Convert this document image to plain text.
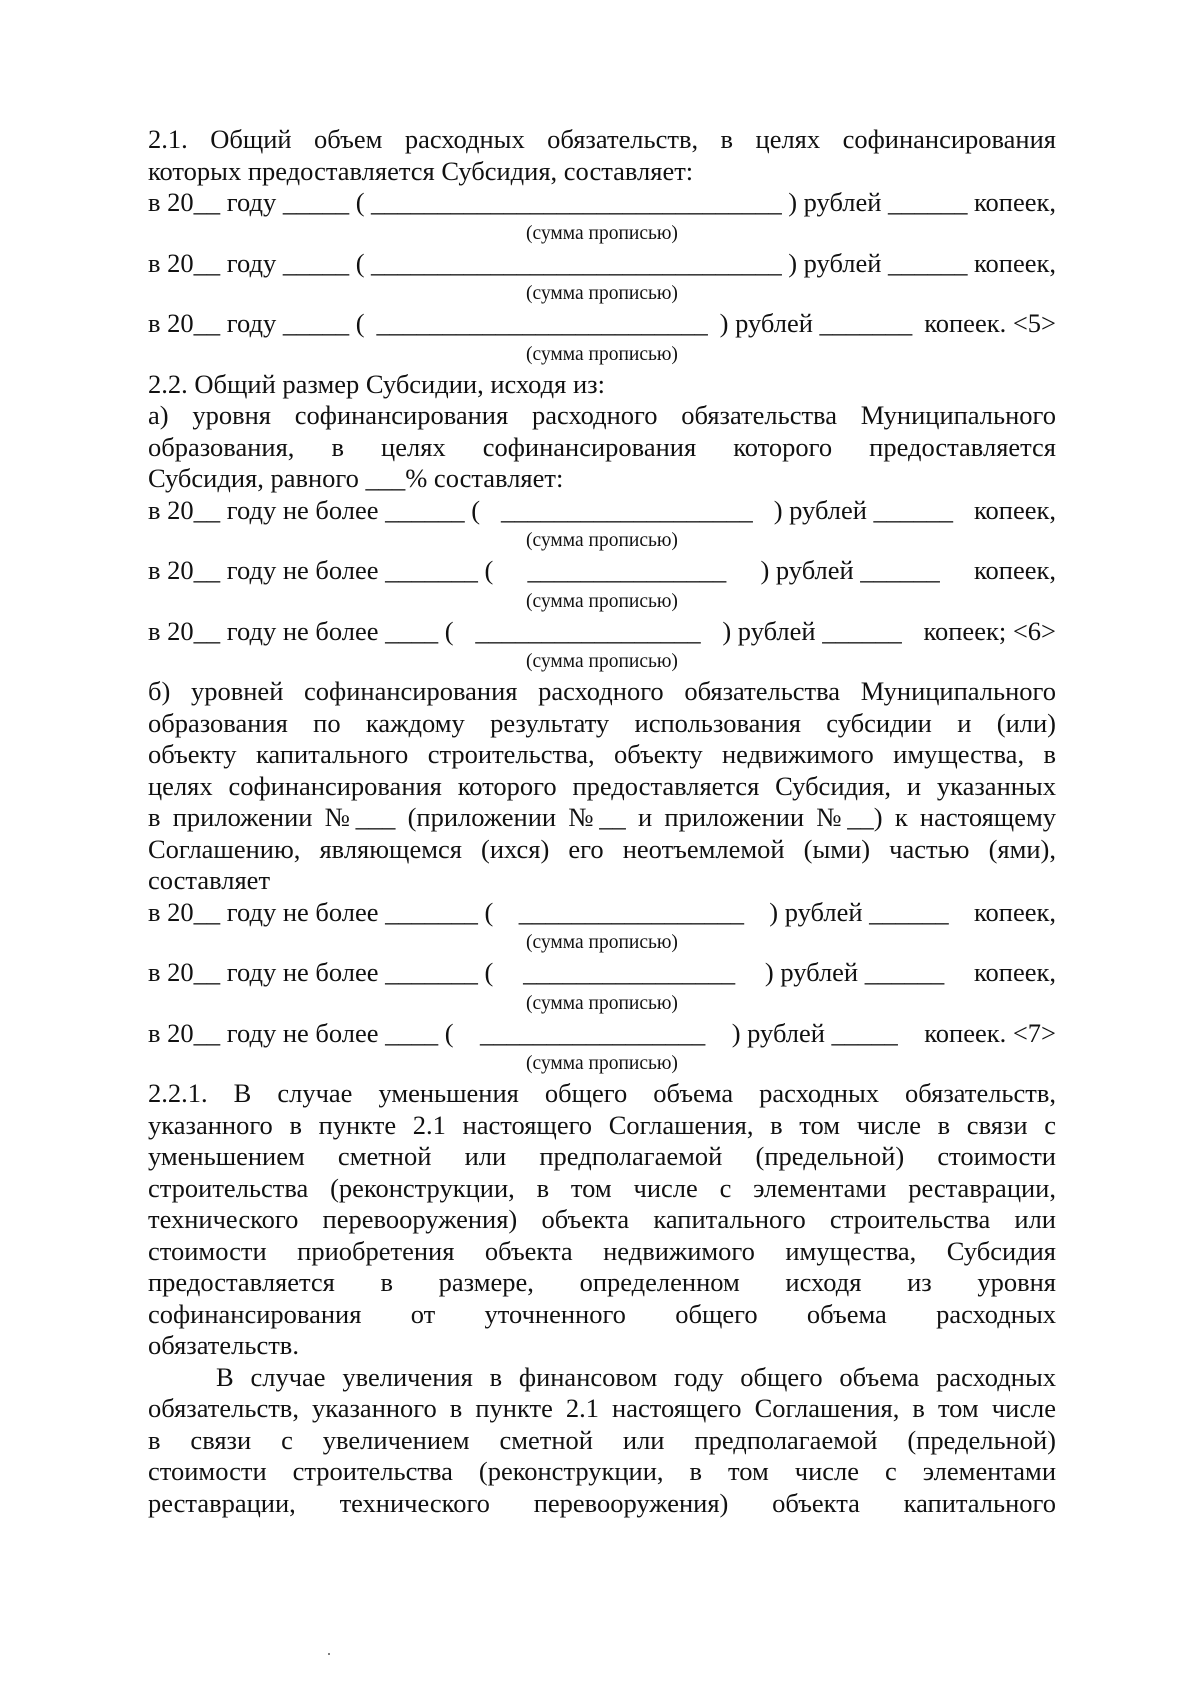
2.1. Общий объем расходных обязательств, в целях софинансирования
которых предоставляется Субсидия, составляет:
в 20__ году _____ ( _______________________________ ) рублей ______ копеек,
(сумма прописью)
в 20__ году _____ ( _______________________________ ) рублей ______ копеек,
(сумма прописью)
в 20__ году _____ ( _________________________ ) рублей _______ копеек. <5>
(сумма прописью)
2.2. Общий размер Субсидии, исходя из:
а) уровня софинансирования расходного обязательства Муниципального
образования, в целях софинансирования которого предоставляется
Субсидия, равного ___% составляет:
в 20__ году не более ______ ( ___________________ ) рублей ______ копеек,
(сумма прописью)
в 20__ году не более _______ ( _______________ ) рублей ______ копеек,
(сумма прописью)
в 20__ году не более ____ ( _________________ ) рублей ______ копеек; <6>
(сумма прописью)
б) уровней софинансирования расходного обязательства Муниципального
образования по каждому результату использования субсидии и (или)
объекту капитального строительства, объекту недвижимого имущества, в
целях софинансирования которого предоставляется Субсидия, и указанных
в приложении №___ (приложении №__ и приложении №__) к настоящему
Соглашению, являющемся (ихся) его неотъемлемой (ыми) частью (ями),
составляет
в 20__ году не более _______ ( _________________ ) рублей ______ копеек,
(сумма прописью)
в 20__ году не более _______ ( ________________ ) рублей ______ копеек,
(сумма прописью)
в 20__ году не более ____ ( _________________ ) рублей _____ копеек. <7>
(сумма прописью)
2.2.1. В случае уменьшения общего объема расходных обязательств,
указанного в пункте 2.1 настоящего Соглашения, в том числе в связи с
уменьшением сметной или предполагаемой (предельной) стоимости
строительства (реконструкции, в том числе с элементами реставрации,
технического перевооружения) объекта капитального строительства или
стоимости приобретения объекта недвижимого имущества, Субсидия
предоставляется в размере, определенном исходя из уровня
софинансирования от уточненного общего объема расходных
обязательств.
В случае увеличения в финансовом году общего объема расходных
обязательств, указанного в пункте 2.1 настоящего Соглашения, в том числе
в связи с увеличением сметной или предполагаемой (предельной)
стоимости строительства (реконструкции, в том числе с элементами
реставрации, технического перевооружения) объекта капитального
